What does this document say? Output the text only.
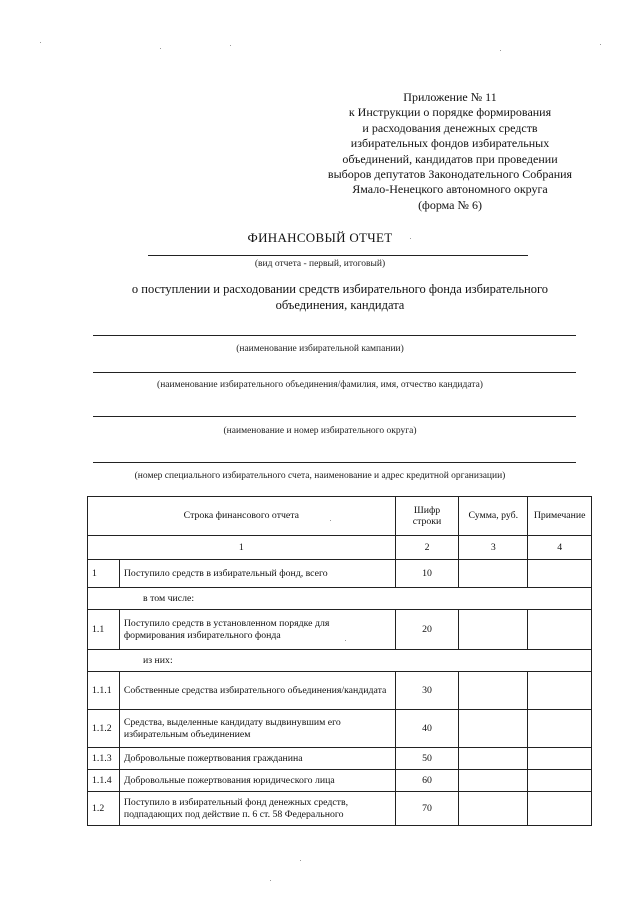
Приложение № 11
к Инструкции о порядке формирования
и расходования денежных средств
избирательных фондов избирательных
объединений, кандидатов при проведении
выборов депутатов Законодательного Собрания
Ямало-Ненецкого автономного округа
(форма № 6)
ФИНАНСОВЫЙ ОТЧЕТ
(вид отчета - первый, итоговый)
о поступлении и расходовании средств избирательного фонда избирательного
объединения, кандидата
(наименование избирательной кампании)
(наименование избирательного объединения/фамилия, имя, отчество кандидата)
(наименование и номер избирательного округа)
(номер специального избирательного счета, наименование и адрес кредитной организации)
Строка финансового отчета		Шифр строки	Сумма, руб.	Примечание
1		2	3	4
1	Поступило средств в избирательный фонд, всего	10		
в том числе:				
1.1	Поступило средств в установленном порядке для формирования избирательного фонда	20		
из них:				
1.1.1	Собственные средства избирательного объединения/кандидата	30		
1.1.2	Средства, выделенные кандидату выдвинувшим его избирательным объединением	40		
1.1.3	Добровольные пожертвования гражданина	50		
1.1.4	Добровольные пожертвования юридического лица	60		
1.2	Поступило в избирательный фонд денежных средств, подпадающих под действие п. 6 ст. 58 Федерального	70		
